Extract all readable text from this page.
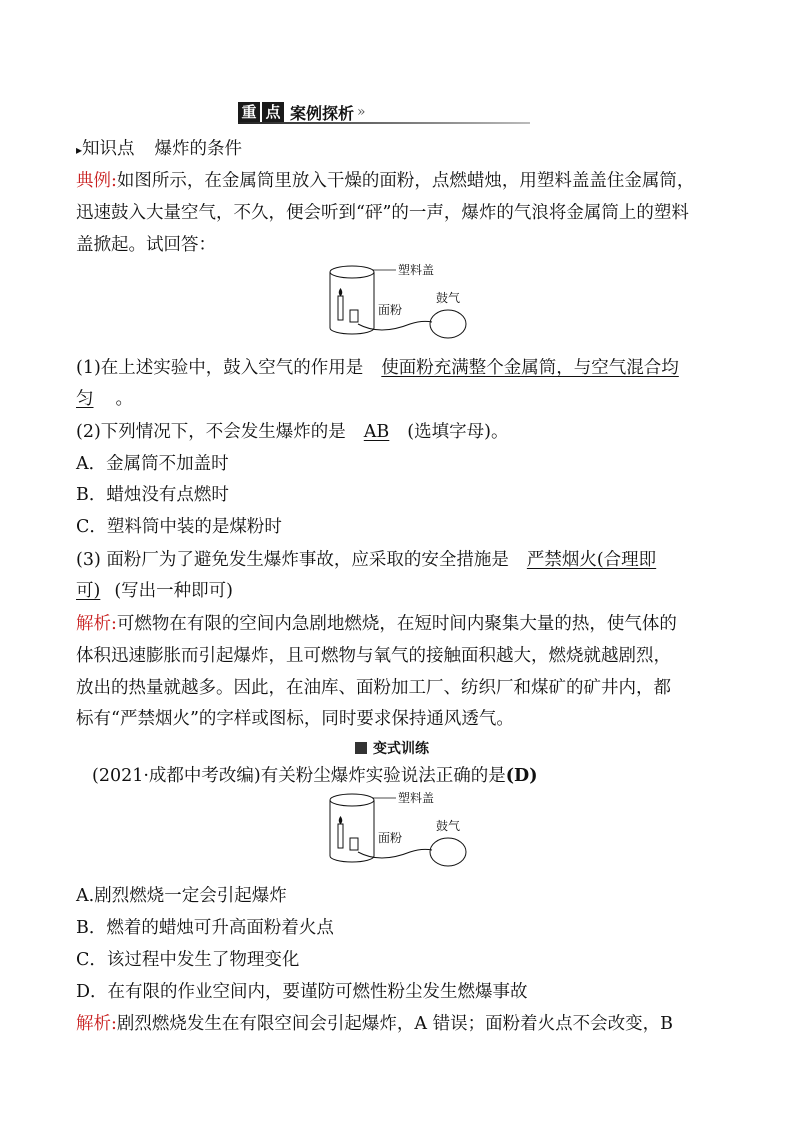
重 点 案例探析 »
▸知识点 爆炸的条件
典例:如图所示，在金属筒里放入干燥的面粉，点燃蜡烛，用塑料盖盖住金属筒，
迅速鼓入大量空气，不久，便会听到“砰”的一声，爆炸的气浪将金属筒上的塑料
盖掀起。试回答：
塑料盖
面粉
鼓气
(1)在上述实验中，鼓入空气的作用是 使面粉充满整个金属筒，与空气混合均
匀 。
(2)下列情况下，不会发生爆炸的是 AB (选填字母)。
A．金属筒不加盖时
B．蜡烛没有点燃时
C．塑料筒中装的是煤粉时
(3) 面粉厂为了避免发生爆炸事故，应采取的安全措施是 严禁烟火(合理即
可) (写出一种即可)
解析:可燃物在有限的空间内急剧地燃烧，在短时间内聚集大量的热，使气体的
体积迅速膨胀而引起爆炸，且可燃物与氧气的接触面积越大，燃烧就越剧烈，
放出的热量就越多。因此，在油库、面粉加工厂、纺织厂和煤矿的矿井内，都
标有“严禁烟火”的字样或图标，同时要求保持通风透气。
变式训练
(2021·成都中考改编)有关粉尘爆炸实验说法正确的是(D)
塑料盖
面粉
鼓气
A.剧烈燃烧一定会引起爆炸
B．燃着的蜡烛可升高面粉着火点
C．该过程中发生了物理变化
D．在有限的作业空间内，要谨防可燃性粉尘发生燃爆事故
解析:剧烈燃烧发生在有限空间会引起爆炸，A 错误；面粉着火点不会改变，B
